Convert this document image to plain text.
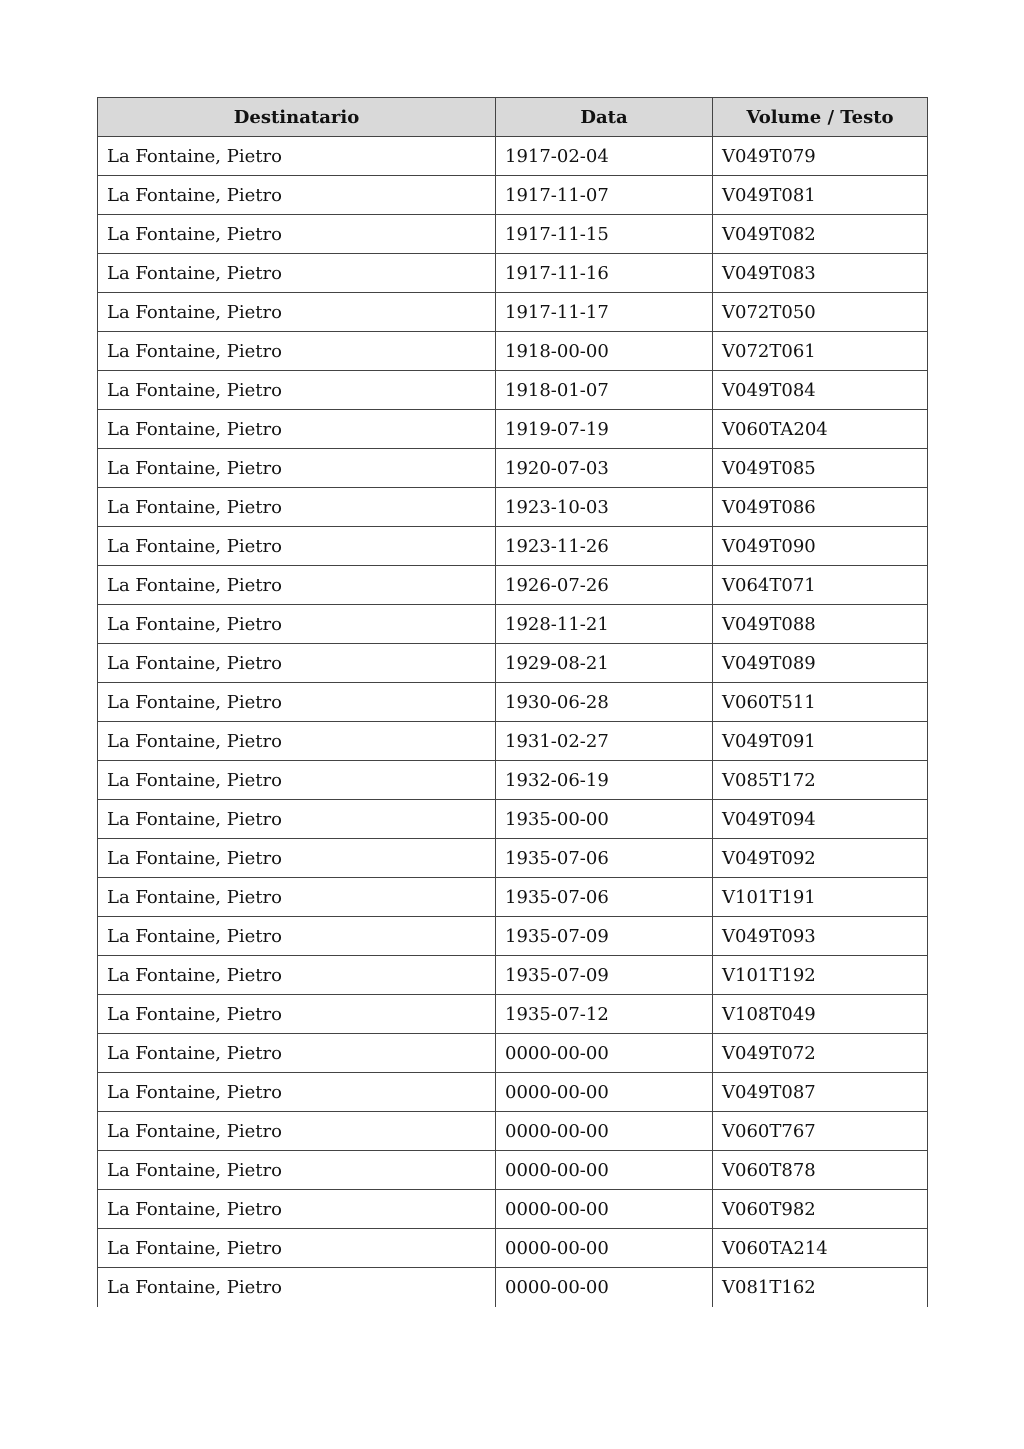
Destinatario	Data	Volume / Testo
La Fontaine, Pietro	1917-02-04	V049T079
La Fontaine, Pietro	1917-11-07	V049T081
La Fontaine, Pietro	1917-11-15	V049T082
La Fontaine, Pietro	1917-11-16	V049T083
La Fontaine, Pietro	1917-11-17	V072T050
La Fontaine, Pietro	1918-00-00	V072T061
La Fontaine, Pietro	1918-01-07	V049T084
La Fontaine, Pietro	1919-07-19	V060TA204
La Fontaine, Pietro	1920-07-03	V049T085
La Fontaine, Pietro	1923-10-03	V049T086
La Fontaine, Pietro	1923-11-26	V049T090
La Fontaine, Pietro	1926-07-26	V064T071
La Fontaine, Pietro	1928-11-21	V049T088
La Fontaine, Pietro	1929-08-21	V049T089
La Fontaine, Pietro	1930-06-28	V060T511
La Fontaine, Pietro	1931-02-27	V049T091
La Fontaine, Pietro	1932-06-19	V085T172
La Fontaine, Pietro	1935-00-00	V049T094
La Fontaine, Pietro	1935-07-06	V049T092
La Fontaine, Pietro	1935-07-06	V101T191
La Fontaine, Pietro	1935-07-09	V049T093
La Fontaine, Pietro	1935-07-09	V101T192
La Fontaine, Pietro	1935-07-12	V108T049
La Fontaine, Pietro	0000-00-00	V049T072
La Fontaine, Pietro	0000-00-00	V049T087
La Fontaine, Pietro	0000-00-00	V060T767
La Fontaine, Pietro	0000-00-00	V060T878
La Fontaine, Pietro	0000-00-00	V060T982
La Fontaine, Pietro	0000-00-00	V060TA214
La Fontaine, Pietro	0000-00-00	V081T162
